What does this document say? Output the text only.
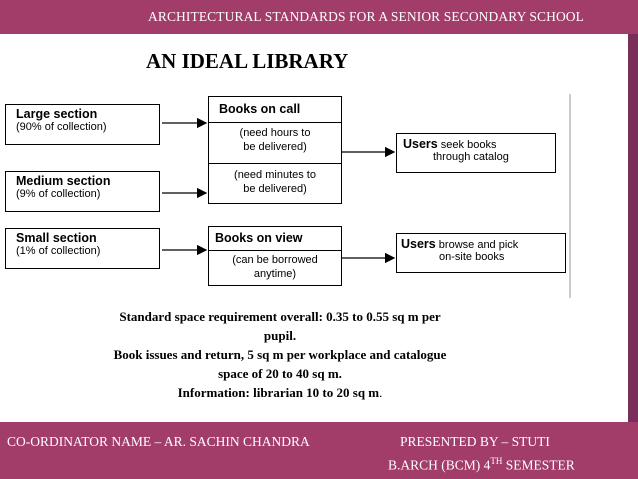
ARCHITECTURAL STANDARDS FOR A SENIOR SECONDARY SCHOOL
AN IDEAL LIBRARY
Large section
(90% of collection)
Medium section
(9% of collection)
Small section
(1% of collection)
Books on call
(need hours to
be delivered)
(need minutes to
be delivered)
Books on view
(can be borrowed
anytime)
Users seek books
through catalog
Users browse and pick
on-site books
Standard space requirement overall: 0.35 to 0.55 sq m per
pupil.
Book issues and return, 5 sq m per workplace and catalogue
space of 20 to 40 sq m.
Information: librarian 10 to 20 sq m.
CO-ORDINATOR NAME – AR. SACHIN CHANDRA	PRESENTED BY – STUTI
B.ARCH (BCM) 4TH SEMESTER
